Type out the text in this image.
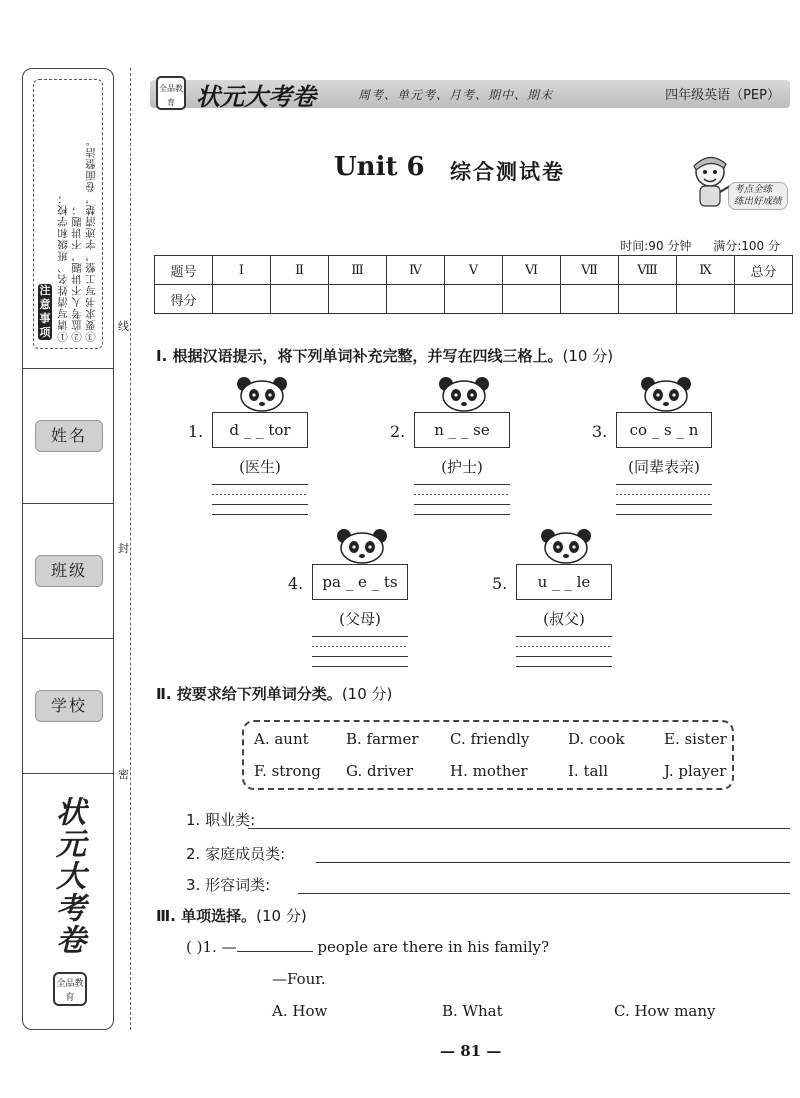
①请写清姓名、班级和学校； ②监考人不讲题，不讲题； ③要求书写工整，字迹清楚，卷面整洁。
注意事项
姓名
班级
学校
状元大考卷
全品教育
线
封
密
全品教育 状元大考卷	周考、单元考、月考、期中、期末	四年级英语（PEP）
Unit 6 综合测试卷
考点全练
练出好成绩
时间:90 分钟 满分:100 分
题号	Ⅰ	Ⅱ	Ⅲ	Ⅳ	Ⅴ	Ⅵ	Ⅶ	Ⅷ	Ⅸ	总分
得分										
Ⅰ. 根据汉语提示，将下列单词补充完整，并写在四线三格上。(10 分)
1.	d _ _ tor
(医生)
2.	n _ _ se
(护士)
3.	co _ s _ n
(同辈表亲)
4.	pa _ e _ ts
(父母)
5.	u _ _ le
(叔父)
Ⅱ. 按要求给下列单词分类。(10 分)
A. aunt B. farmer C. friendly	D. cook	E. sister
F. strong G. driver H. mother	I. tall	J. player
1. 职业类:
2. 家庭成员类:
3. 形容词类:
Ⅲ. 单项选择。(10 分)
( )1. —	people are there in his family?
—Four.
A. How	B. What	C. How many
— 81 —
